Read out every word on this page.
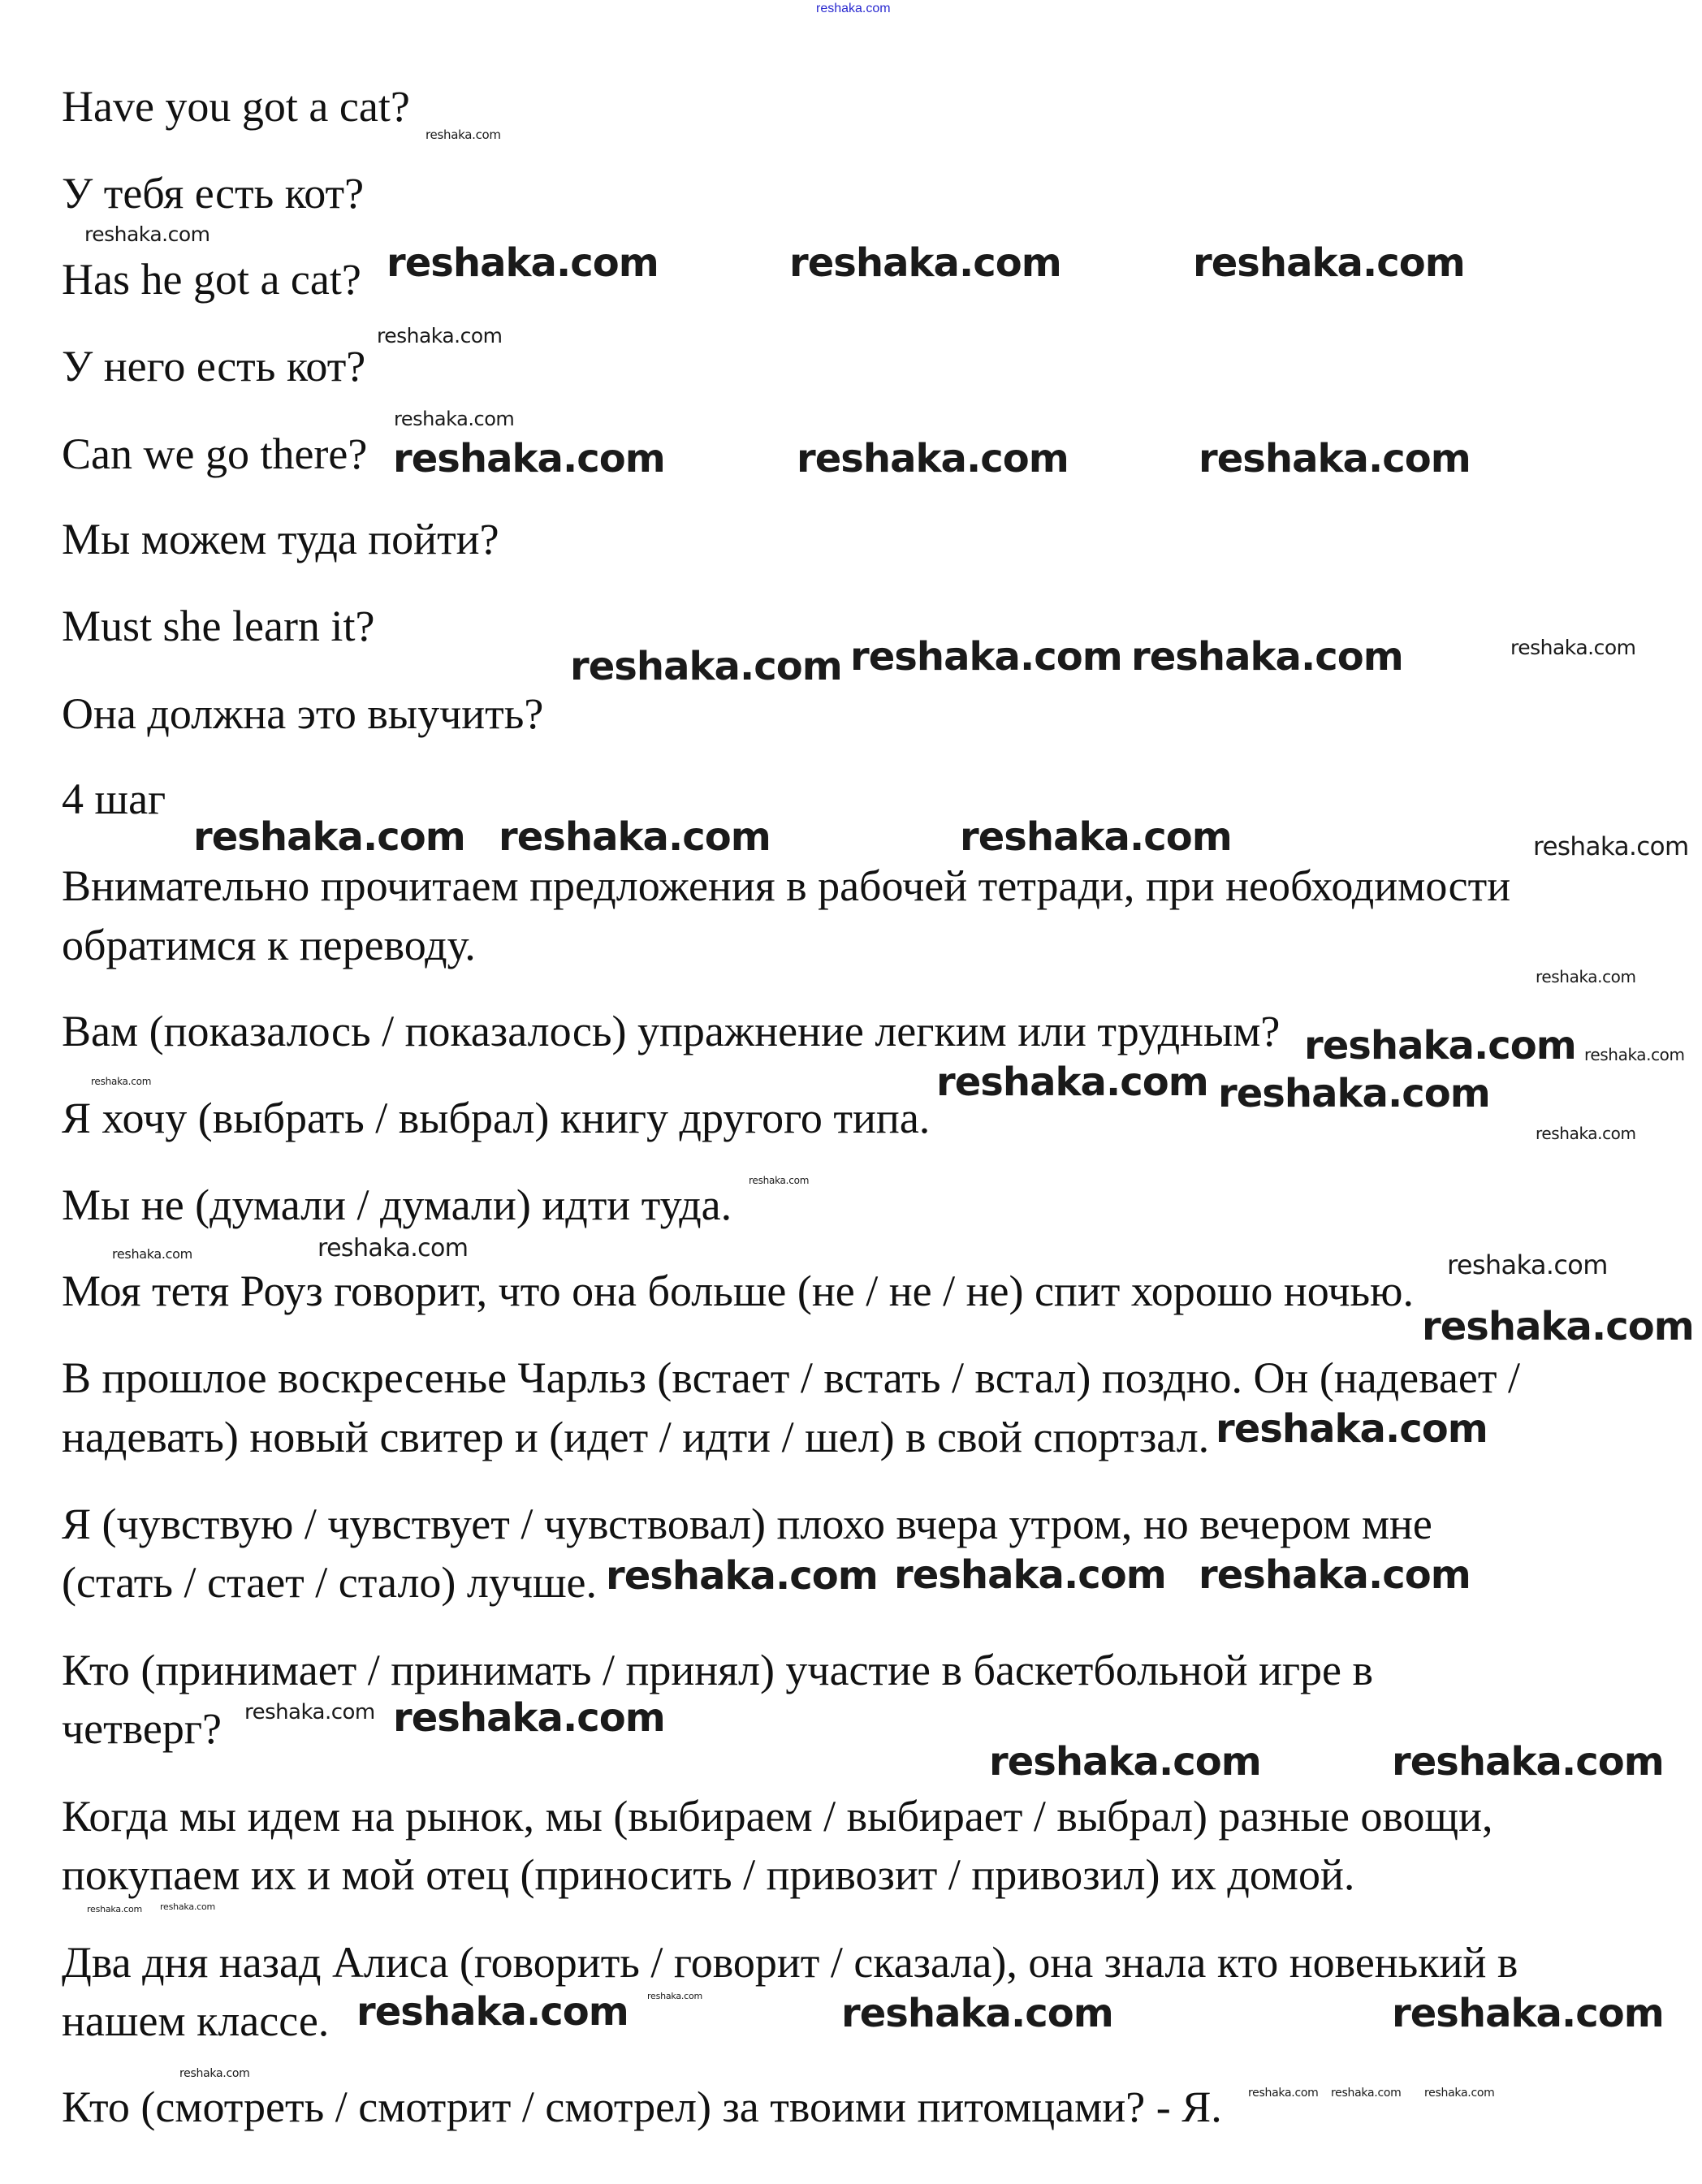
reshaka.com
Have you got a cat?
У тебя есть кот?
Has he got a cat?
У него есть кот?
Can we go there?
Мы можем туда пойти?
Must she learn it?
Она должна это выучить?
4 шаг
Внимательно прочитаем предложения в рабочей тетради, при необходимости
обратимся к переводу.
Вам (показалось / показалось) упражнение легким или трудным?
Я хочу (выбрать / выбрал) книгу другого типа.
Мы не (думали / думали) идти туда.
Моя тетя Роуз говорит, что она больше (не / не / не) спит хорошо ночью.
В прошлое воскресенье Чарльз (встает / встать / встал) поздно. Он (надевает /
надевать) новый свитер и (идет / идти / шел) в свой спортзал.
Я (чувствую / чувствует / чувствовал) плохо вчера утром, но вечером мне
(стать / стает / стало) лучше.
Кто (принимает / принимать / принял) участие в баскетбольной игре в
четверг?
Когда мы идем на рынок, мы (выбираем / выбирает / выбрал) разные овощи,
покупаем их и мой отец (приносить / привозит / привозил) их домой.
Два дня назад Алиса (говорить / говорит / сказала), она знала кто новенький в
нашем классе.
Кто (смотреть / смотрит / смотрел) за твоими питомцами? - Я.
reshaka.com	reshaka.com	reshaka.com
reshaka.com	reshaka.com	reshaka.com
reshaka.com reshaka.com reshaka.com
reshaka.com reshaka.com	reshaka.com
reshaka.com reshaka.com
reshaka.com
reshaka.com
reshaka.com
reshaka.com reshaka.com reshaka.com
reshaka.com
reshaka.com	reshaka.com
reshaka.com	reshaka.com	reshaka.com
reshaka.com
reshaka.com
reshaka.com
reshaka.com
reshaka.com
reshaka.com
reshaka.com
reshaka.com
reshaka.com
reshaka.com
reshaka.com
reshaka.com
reshaka.com
reshaka.com
reshaka.com
reshaka.com reshaka.com
reshaka.com
reshaka.com
reshaka.com reshaka.com reshaka.com
